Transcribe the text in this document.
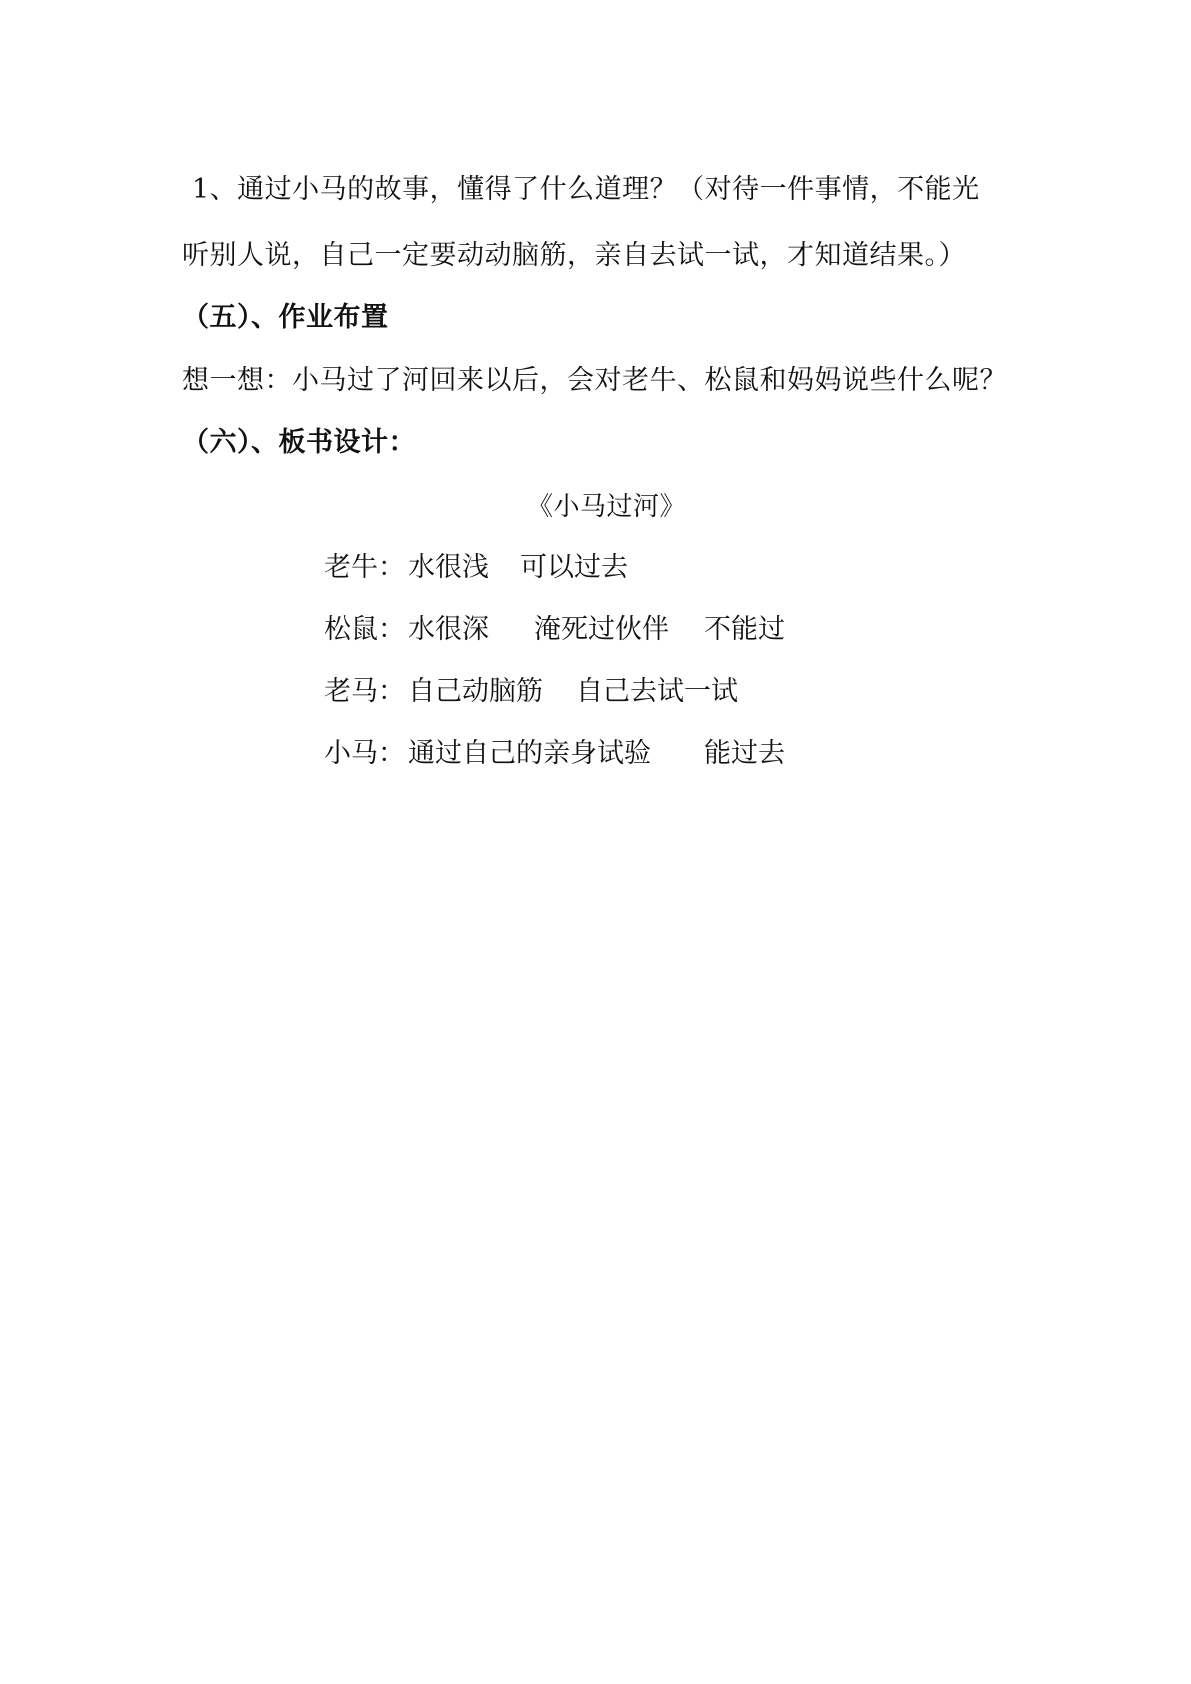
1、通过小马的故事，懂得了什么道理？（对待一件事情，不能光
听别人说，自己一定要动动脑筋，亲自去试一试，才知道结果。）
（五）、作业布置
想一想：小马过了河回来以后，会对老牛、松鼠和妈妈说些什么呢？
（六）、板书设计：
《小马过河》
老牛： 水很浅 可以过去
松鼠： 水很深 淹死过伙伴 不能过
老马： 自己动脑筋 自己去试一试
小马： 通过自己的亲身试验 能过去
